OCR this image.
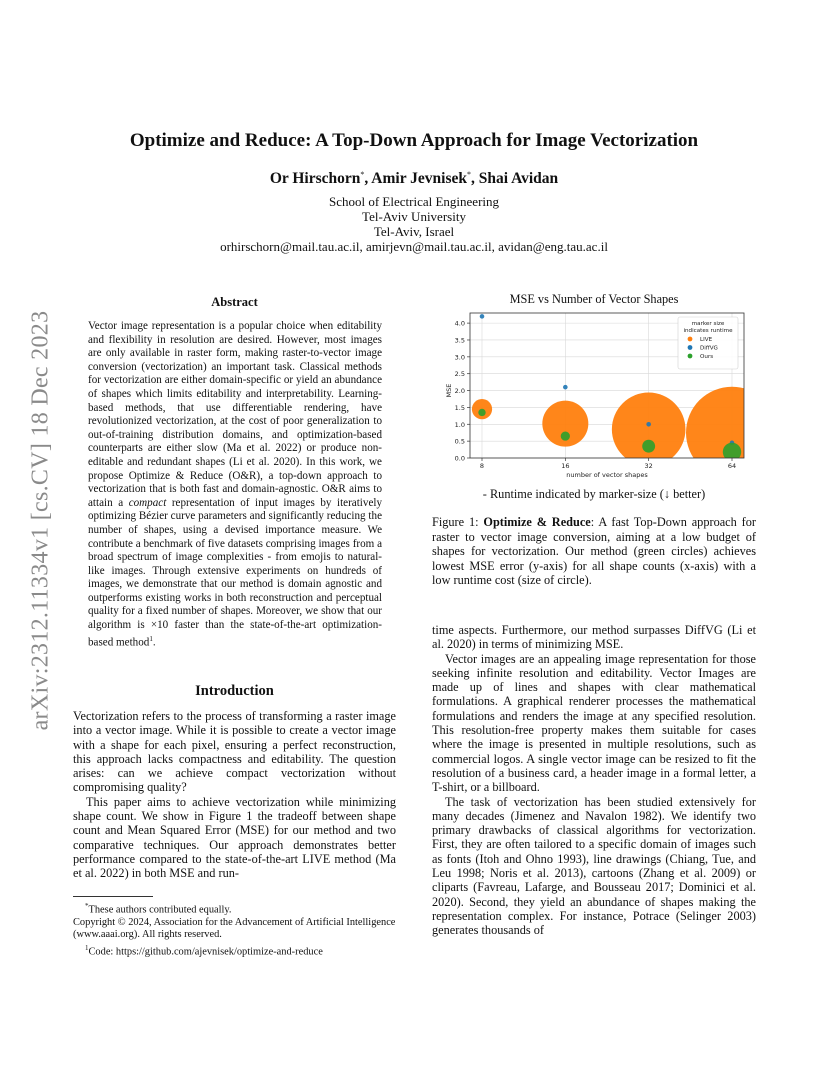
arXiv:2312.11334v1 [cs.CV] 18 Dec 2023
Optimize and Reduce: A Top-Down Approach for Image Vectorization
Or Hirschorn*, Amir Jevnisek*, Shai Avidan
School of Electrical Engineering
Tel-Aviv University
Tel-Aviv, Israel
orhirschorn@mail.tau.ac.il, amirjevn@mail.tau.ac.il, avidan@eng.tau.ac.il
Abstract
Vector image representation is a popular choice when editability and flexibility in resolution are desired. However, most images are only available in raster form, making raster-to-vector image conversion (vectorization) an important task. Classical methods for vectorization are either domain-specific or yield an abundance of shapes which limits editability and interpretability. Learning-based methods, that use differentiable rendering, have revolutionized vectorization, at the cost of poor generalization to out-of-training distribution domains, and optimization-based counterparts are either slow (Ma et al. 2022) or produce non-editable and redundant shapes (Li et al. 2020). In this work, we propose Optimize & Reduce (O&R), a top-down approach to vectorization that is both fast and domain-agnostic. O&R aims to attain a compact representation of input images by iteratively optimizing Bézier curve parameters and significantly reducing the number of shapes, using a devised importance measure. We contribute a benchmark of five datasets comprising images from a broad spectrum of image complexities - from emojis to natural-like images. Through extensive experiments on hundreds of images, we demonstrate that our method is domain agnostic and outperforms existing works in both reconstruction and perceptual quality for a fixed number of shapes. Moreover, we show that our algorithm is ×10 faster than the state-of-the-art optimization-based method$^1$.
Introduction

Vectorization refers to the process of transforming a raster image into a vector image. While it is possible to create a vector image with a shape for each pixel, ensuring a perfect reconstruction, this approach lacks compactness and editability. The question arises: can we achieve compact vectorization without compromising quality?

This paper aims to achieve vectorization while minimizing shape count. We show in Figure 1 the tradeoff between shape count and Mean Squared Error (MSE) for our method and two comparative techniques. Our approach demonstrates better performance compared to the state-of-the-art LIVE method (Ma et al. 2022) in both MSE and run-

*These authors contributed equally.

Copyright © 2024, Association for the Advancement of Artificial Intelligence (www.aaai.org). All rights reserved.

$^1$Code: https://github.com/ajevnisek/optimize-and-reduce

MSE vs Number of Vector Shapes
0.0
0.5
1.0
1.5
2.0
2.5
3.0
3.5
4.0
8	16	32	64
number of vector shapes
MSE
marker size
indicates runtime
LIVE
DiffVG
Ours
- Runtime indicated by marker-size (↓ better)
Figure 1: Optimize & Reduce: A fast Top-Down approach for raster to vector image conversion, aiming at a low budget of shapes for vectorization. Our method (green circles) achieves lowest MSE error (y-axis) for all shape counts (x-axis) with a low runtime cost (size of circle).

time aspects. Furthermore, our method surpasses DiffVG (Li et al. 2020) in terms of minimizing MSE.

Vector images are an appealing image representation for those seeking infinite resolution and editability. Vector Images are made up of lines and shapes with clear mathematical formulations. A graphical renderer processes the mathematical formulations and renders the image at any specified resolution. This resolution-free property makes them suitable for cases where the image is presented in multiple resolutions, such as commercial logos. A single vector image can be resized to fit the resolution of a business card, a header image in a formal letter, a T-shirt, or a billboard.

The task of vectorization has been studied extensively for many decades (Jimenez and Navalon 1982). We identify two primary drawbacks of classical algorithms for vectorization. First, they are often tailored to a specific domain of images such as fonts (Itoh and Ohno 1993), line drawings (Chiang, Tue, and Leu 1998; Noris et al. 2013), cartoons (Zhang et al. 2009) or cliparts (Favreau, Lafarge, and Bousseau 2017; Dominici et al. 2020). Second, they yield an abundance of shapes making the representation complex. For instance, Potrace (Selinger 2003) generates thousands of
